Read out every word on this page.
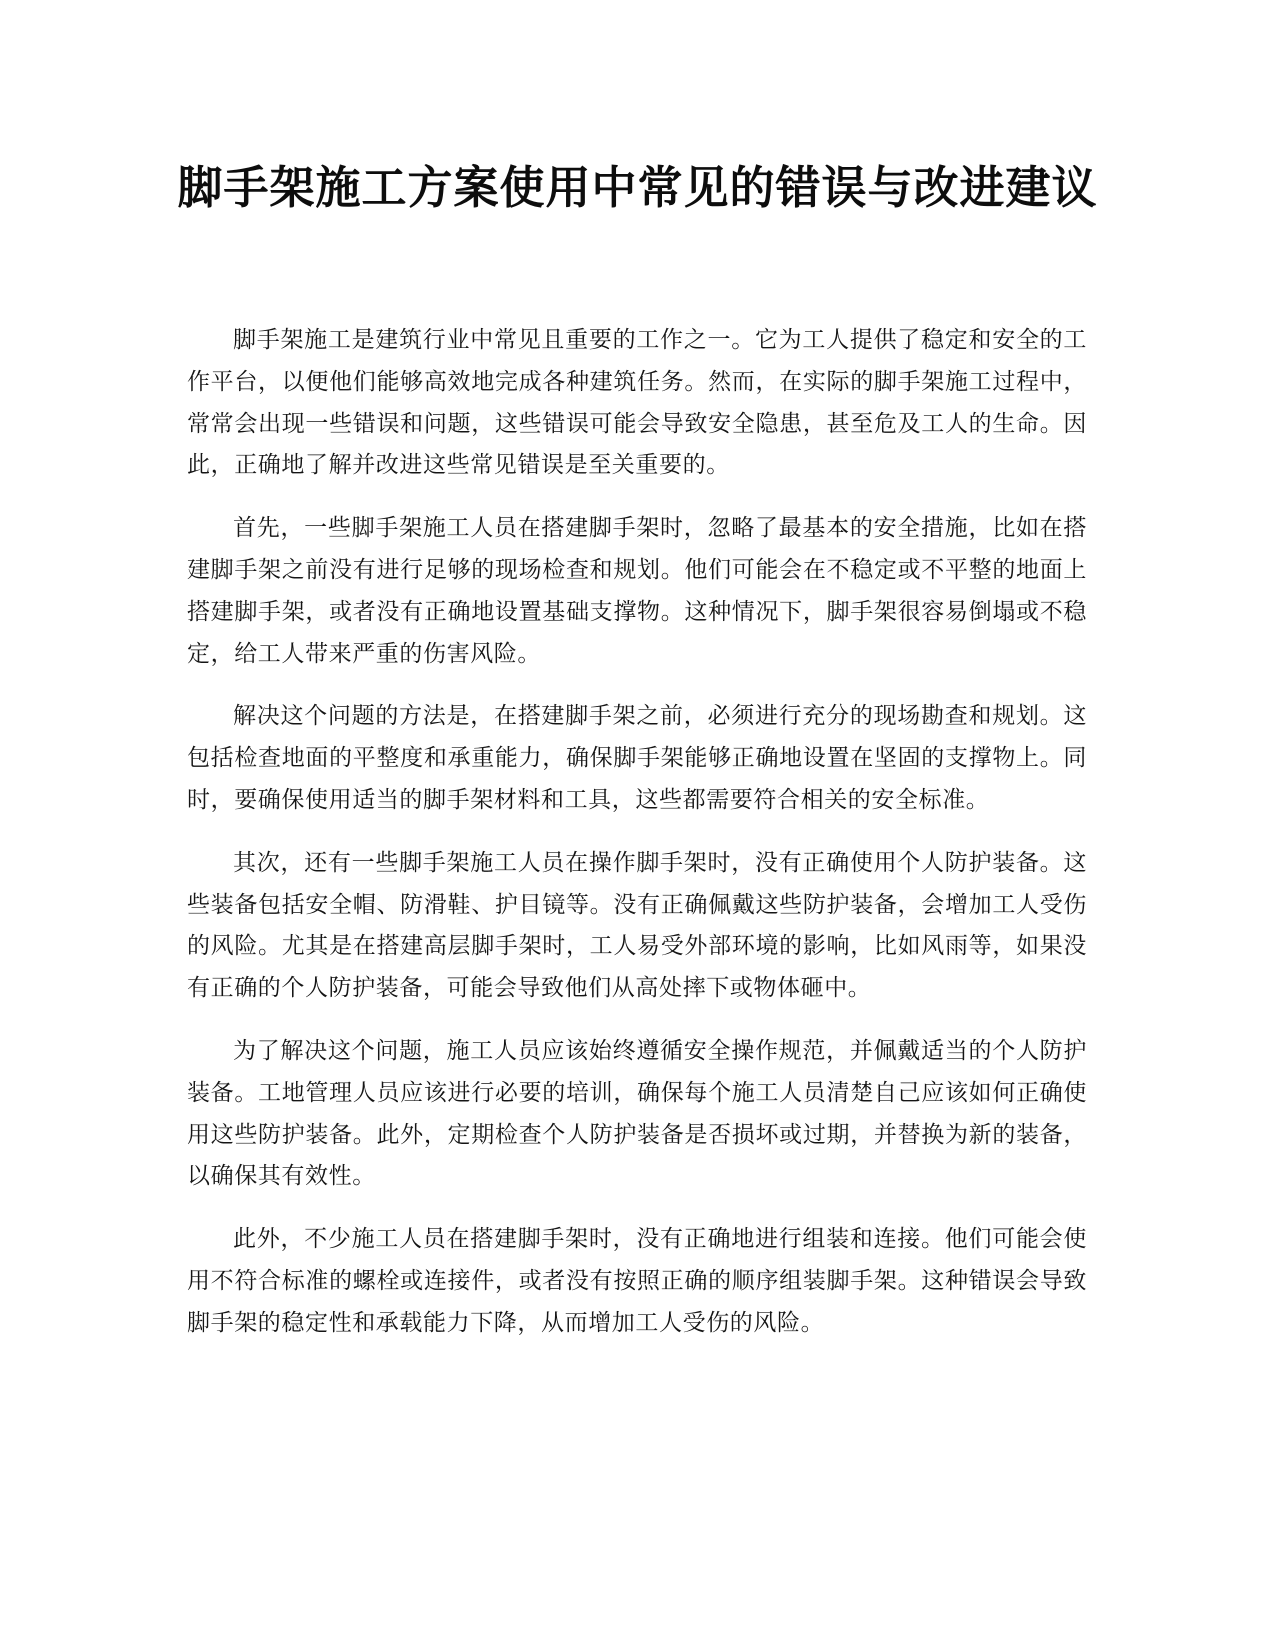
脚手架施工方案使用中常见的错误与改进建议

脚手架施工是建筑行业中常见且重要的工作之一。它为工人提供了稳定和安全的工作平台，以便他们能够高效地完成各种建筑任务。然而，在实际的脚手架施工过程中，常常会出现一些错误和问题，这些错误可能会导致安全隐患，甚至危及工人的生命。因此，正确地了解并改进这些常见错误是至关重要的。

首先，一些脚手架施工人员在搭建脚手架时，忽略了最基本的安全措施，比如在搭建脚手架之前没有进行足够的现场检查和规划。他们可能会在不稳定或不平整的地面上搭建脚手架，或者没有正确地设置基础支撑物。这种情况下，脚手架很容易倒塌或不稳定，给工人带来严重的伤害风险。

解决这个问题的方法是，在搭建脚手架之前，必须进行充分的现场勘查和规划。这包括检查地面的平整度和承重能力，确保脚手架能够正确地设置在坚固的支撑物上。同时，要确保使用适当的脚手架材料和工具，这些都需要符合相关的安全标准。

其次，还有一些脚手架施工人员在操作脚手架时，没有正确使用个人防护装备。这些装备包括安全帽、防滑鞋、护目镜等。没有正确佩戴这些防护装备，会增加工人受伤的风险。尤其是在搭建高层脚手架时，工人易受外部环境的影响，比如风雨等，如果没有正确的个人防护装备，可能会导致他们从高处摔下或物体砸中。

为了解决这个问题，施工人员应该始终遵循安全操作规范，并佩戴适当的个人防护装备。工地管理人员应该进行必要的培训，确保每个施工人员清楚自己应该如何正确使用这些防护装备。此外，定期检查个人防护装备是否损坏或过期，并替换为新的装备，以确保其有效性。

此外，不少施工人员在搭建脚手架时，没有正确地进行组装和连接。他们可能会使用不符合标准的螺栓或连接件，或者没有按照正确的顺序组装脚手架。这种错误会导致脚手架的稳定性和承载能力下降，从而增加工人受伤的风险。
